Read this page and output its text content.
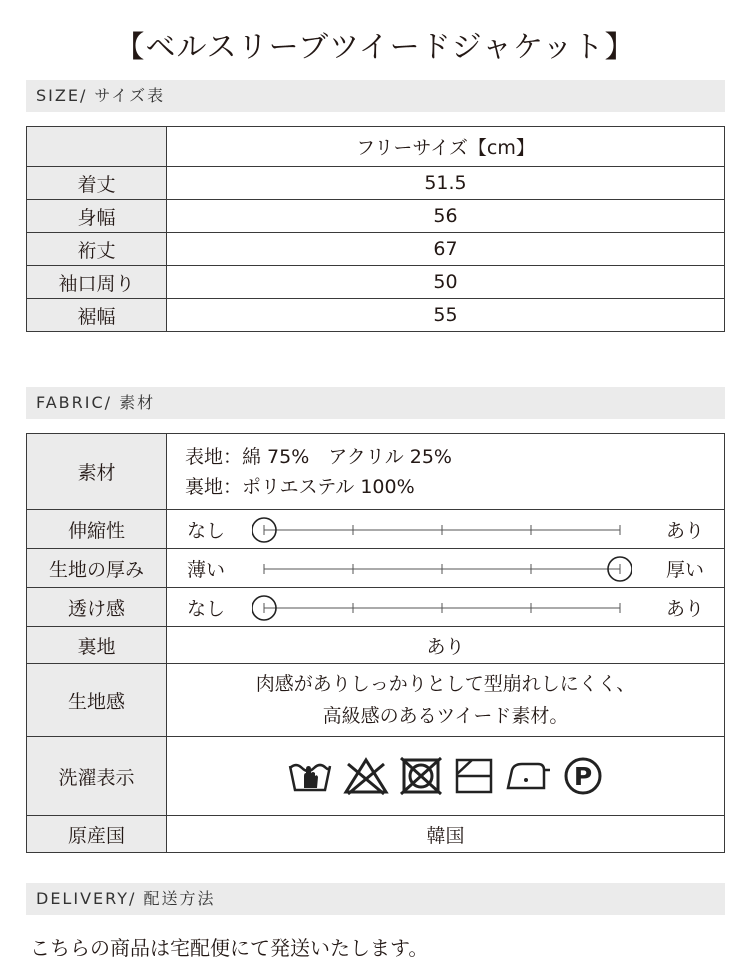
【ベルスリーブツイードジャケット】
SIZE/ サイズ表
	フリーサイズ【cm】
着丈	51.5
身幅	56
裄丈	67
袖口周り	50
裾幅	55
FABRIC/ 素材
素材	表地：綿 75%　アクリル 25%
裏地：ポリエステル 100%

伸縮性	なし あり

生地の厚み	薄い 厚い

透け感	なし あり

裏地	あり
生地感	肉感がありしっかりとして型崩れしにくく、
高級感のあるツイード素材。

洗濯表示	P

原産国	韓国
DELIVERY/ 配送方法
こちらの商品は宅配便にて発送いたします。
